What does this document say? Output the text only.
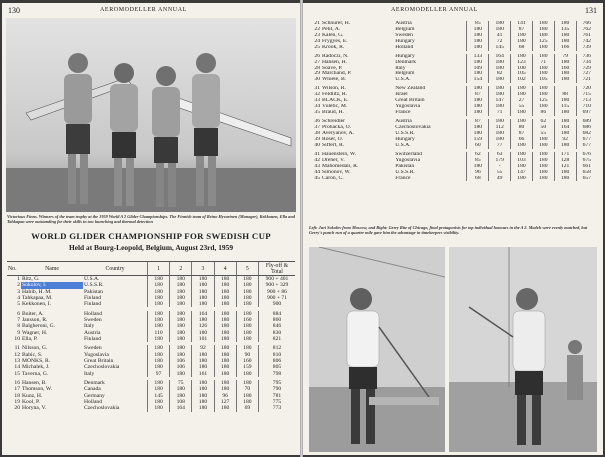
130	AEROMODELLER ANNUAL
Victorious Finns. Winners of the team trophy at the 1959 World A 2 Glider Championships. The Finnish team of Reino Hyvarinen (Manager), Kekkonen, Ella and Tahkapaa were outstanding for their skills in tow launching and thermal detection
WORLD GLIDER CHAMPIONSHIP FOR SWEDISH CUP
Held at Bourg-Leopold, Belgium, August 23rd, 1959
No.	Name	Country	1	2	3	4	5	Fly-off & Total
1	Ritz, G.	U.S.A.	180	180	180	180	180	900 + 401
2	Sokolov, I.	U.S.S.R.	180	180	180	180	180	900 + 329
3	Habib, H. M.	Pakistan	180	180	180	180	180	900 + 86
4	Tahkapaa, M.	Finland	180	180	180	180	180	900 + 71
5	Kekkonen, I.	Finland	180	180	180	180	180	900

6	Buiter, A.	Holland	180	180	164	180	180	884
7	Jansson, R.	Sweden	180	180	180	180	160	860
8	Balgheroni, G.	Italy	180	180	126	180	180	846
9	Wagner, H.	Austria	110	180	180	180	180	830
10	Ella, P.	Finland	180	180	101	180	180	821

11	Nilsson, G.	Sweden	180	180	92	180	180	812
12	Babic, S.	Yugoslavia	180	180	180	180	90	810
13	MONKS, R.	Great Britain	180	106	180	180	160	806
14	Michalek, J.	Czechoslovakia	180	106	180	180	159	805
15	Taverna, G.	Italy	97	180	161	180	180	798

16	Hansen, B.	Denmark	180	75	180	180	180	795
17	Thomson, W.	Canada	180	180	180	180	70	790
18	Kunz, H.	Germany	145	180	180	96	180	781
19	Kool, P.	Holland	180	108	180	127	180	775
20	Horyna, V.	Czechoslovakia	180	164	180	180	69	773
AEROMODELLER ANNUAL	131
21	Schnurer, H.	Austria	85	180	141	180	180	766
22	Petit, A.	Belgium	180	180	87	180	135	762
23	Kalen, G.	Sweden	180	41	180	180	180	761
24	Frygyes, E.	Hungary	180	72	180	125	180	742
25	Krook, R.	Holland	180	145	68	180	166	739

26	Radoczi, N.	Hungary	133	164	180	180	79	736
27	Hansen, H.	Denmark	180	180	123	71	180	734
28	Soave, P.	Italy	109	180	100	180	160	729
29	Marchand, P.	Belgium	180	82	105	180	180	727
30	Whiele, B.	U.S.A.	154	180	102	105	180	721

31	Wilson, R.	New Zealand	180	180	180	180		720
32	Feldlitz, R.	Israel	87	180	180	180	88	715
33	BLACK, E.	Great Britain	180	147	27	125	180	713
34	Vuletic, M.	Yugoslavia	180	180	55	180	115	710
35	Braud, H.	France	180	71	180	86	180	697

36	Schreidler	Austria	87	180	180	62	180	689
37	Prohacka, O.	Czechoslovakia	180	112	80	50	164	686
38	Averyanov, A.	U.S.S.R.	180	180	87	55	180	682
39	Roser, O.	Hungary	159	180	66	180	92	677
40	Siffert, R.	U.S.A.	60	77	180	180	180	677

41	Hauenstein, W.	Switzerland	62	63	180	180	171	676
42	Dreher, V.	Yugoslavia	85	179	103	180	128	675
43	Mahomedali, R.	Pakistan	180	-	180	180	121	661
44	Simonov, W.	U.S.S.R.	96	55	147	180	180	658
45	Caron, C.	France	68	49	180	180	180	657
Left: Juri Sokolov from Moscow, and Right: Gerry Ritz of Chicago, final protagonists for top individual honours in the A 2. Models were evenly matched, but Gerry's punch run of a quarter mile gave him the advantage in timekeepers visibility.
